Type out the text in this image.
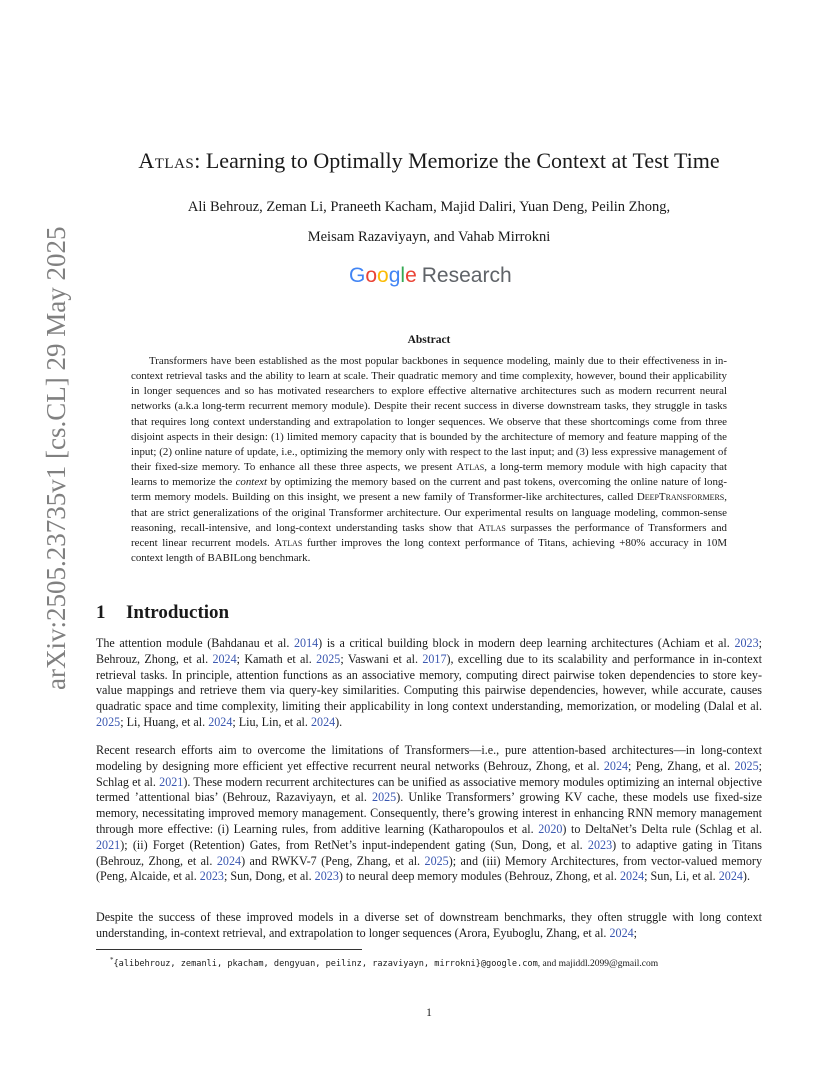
arXiv:2505.23735v1 [cs.CL] 29 May 2025
Atlas: Learning to Optimally Memorize the Context at Test Time
Ali Behrouz, Zeman Li, Praneeth Kacham, Majid Daliri, Yuan Deng, Peilin Zhong,
Meisam Razaviyayn, and Vahab Mirrokni
Google Research
Abstract

Transformers have been established as the most popular backbones in sequence modeling, mainly due to their effectiveness in in-context retrieval tasks and the ability to learn at scale. Their quadratic memory and time complexity, however, bound their applicability in longer sequences and so has motivated researchers to explore effective alternative architectures such as modern recurrent neural networks (a.k.a long-term recurrent memory module). Despite their recent success in diverse downstream tasks, they struggle in tasks that requires long context understanding and extrapolation to longer sequences. We observe that these shortcomings come from three disjoint aspects in their design: (1) limited memory capacity that is bounded by the architecture of memory and feature mapping of the input; (2) online nature of update, i.e., optimizing the memory only with respect to the last input; and (3) less expressive management of their fixed-size memory. To enhance all these three aspects, we present Atlas, a long-term memory module with high capacity that learns to memorize the context by optimizing the memory based on the current and past tokens, overcoming the online nature of long-term memory models. Building on this insight, we present a new family of Transformer-like architectures, called DeepTransformers, that are strict generalizations of the original Transformer architecture. Our experimental results on language modeling, common-sense reasoning, recall-intensive, and long-context understanding tasks show that Atlas surpasses the performance of Transformers and recent linear recurrent models. Atlas further improves the long context performance of Titans, achieving +80% accuracy in 10M context length of BABILong benchmark.

1 Introduction

The attention module (Bahdanau et al. 2014) is a critical building block in modern deep learning architectures (Achiam et al. 2023; Behrouz, Zhong, et al. 2024; Kamath et al. 2025; Vaswani et al. 2017), excelling due to its scalability and performance in in-context retrieval tasks. In principle, attention functions as an associative memory, computing direct pairwise token dependencies to store key-value mappings and retrieve them via query-key similarities. Computing this pairwise dependencies, however, while accurate, causes quadratic space and time complexity, limiting their applicability in long context understanding, memorization, or modeling (Dalal et al. 2025; Li, Huang, et al. 2024; Liu, Lin, et al. 2024).

Recent research efforts aim to overcome the limitations of Transformers—i.e., pure attention-based architectures—in long-context modeling by designing more efficient yet effective recurrent neural networks (Behrouz, Zhong, et al. 2024; Peng, Zhang, et al. 2025; Schlag et al. 2021). These modern recurrent architectures can be unified as associative memory modules optimizing an internal objective termed ’attentional bias’ (Behrouz, Razaviyayn, et al. 2025). Unlike Transformers’ growing KV cache, these models use fixed-size memory, necessitating improved memory management. Consequently, there’s growing interest in enhancing RNN memory management through more effective: (i) Learning rules, from additive learning (Katharopoulos et al. 2020) to DeltaNet’s Delta rule (Schlag et al. 2021); (ii) Forget (Retention) Gates, from RetNet’s input-independent gating (Sun, Dong, et al. 2023) to adaptive gating in Titans (Behrouz, Zhong, et al. 2024) and RWKV-7 (Peng, Zhang, et al. 2025); and (iii) Memory Architectures, from vector-valued memory (Peng, Alcaide, et al. 2023; Sun, Dong, et al. 2023) to neural deep memory modules (Behrouz, Zhong, et al. 2024; Sun, Li, et al. 2024).

Despite the success of these improved models in a diverse set of downstream benchmarks, they often struggle with long context understanding, in-context retrieval, and extrapolation to longer sequences (Arora, Eyuboglu, Zhang, et al. 2024;

*{alibehrouz, zemanli, pkacham, dengyuan, peilinz, razaviyayn, mirrokni}@google.com, and majiddl.2099@gmail.com
1
